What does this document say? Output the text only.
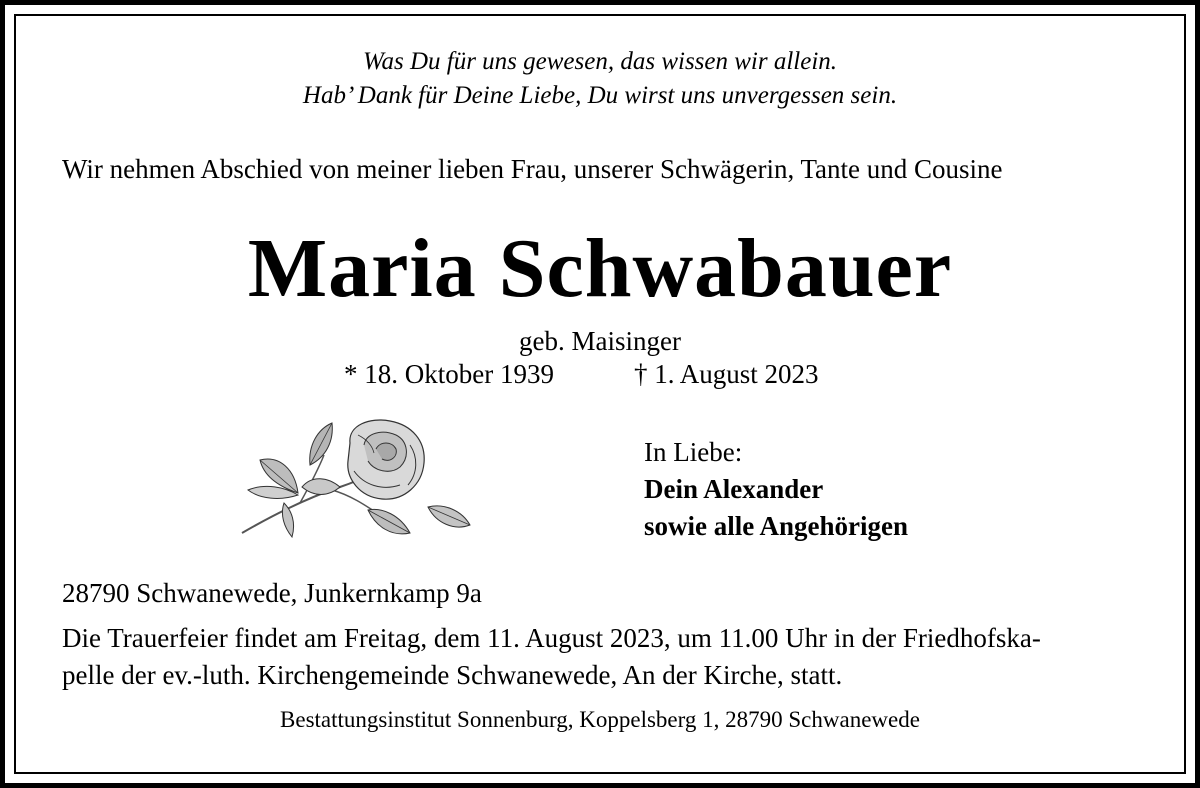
Was Du für uns gewesen, das wissen wir allein.
Hab’ Dank für Deine Liebe, Du wirst uns unvergessen sein.
Wir nehmen Abschied von meiner lieben Frau, unserer Schwägerin, Tante und Cousine
Maria Schwabauer
geb. Maisinger
* 18. Oktober 1939	† 1. August 2023
In Liebe:
Dein Alexander
sowie alle Angehörigen
28790 Schwanewede, Junkernkamp 9a
Die Trauerfeier findet am Freitag, dem 11. August 2023, um 11.00 Uhr in der Friedhofska-
pelle der ev.-luth. Kirchengemeinde Schwanewede, An der Kirche, statt.
Bestattungsinstitut Sonnenburg, Koppelsberg 1, 28790 Schwanewede
